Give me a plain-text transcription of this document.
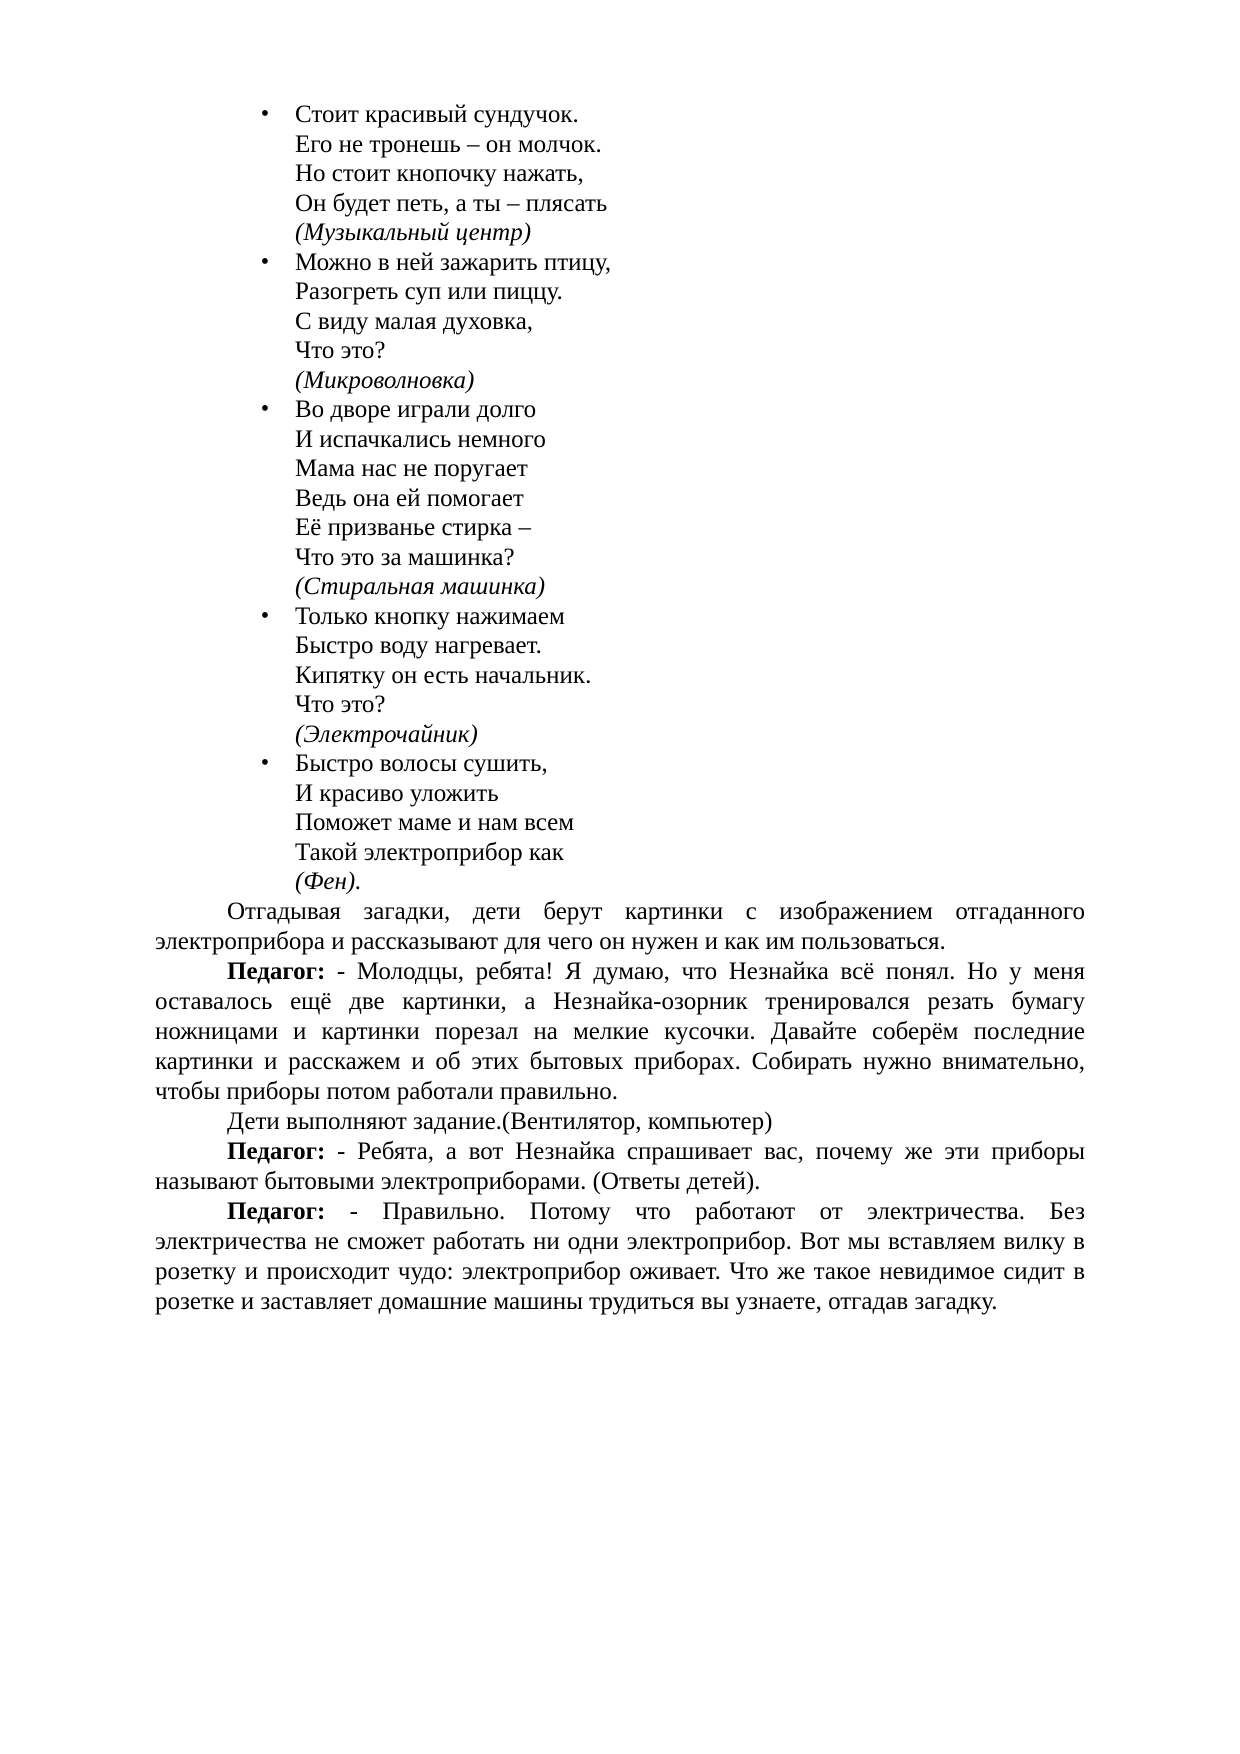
• Стоит красивый сундучок.
Его не тронешь – он молчок.
Но стоит кнопочку нажать,
Он будет петь, а ты – плясать
(Музыкальный центр)
• Можно в ней зажарить птицу,
Разогреть суп или пиццу.
С виду малая духовка,
Что это?
(Микроволновка)
• Во дворе играли долго
И испачкались немного
Мама нас не поругает
Ведь она ей помогает
Её призванье стирка –
Что это за машинка?
(Стиральная машинка)
• Только кнопку нажимаем
Быстро воду нагревает.
Кипятку он есть начальник.
Что это?
(Электрочайник)
• Быстро волосы сушить,
И красиво уложить
Поможет маме и нам всем
Такой электроприбор как
(Фен).

Отгадывая загадки, дети берут картинки с изображением отгаданного электроприбора и рассказывают для чего он нужен и как им пользоваться.

Педагог: - Молодцы, ребята! Я думаю, что Незнайка всё понял. Но у меня оставалось ещё две картинки, а Незнайка-озорник тренировался резать бумагу ножницами и картинки порезал на мелкие кусочки. Давайте соберём последние картинки и расскажем и об этих бытовых приборах. Собирать нужно внимательно, чтобы приборы потом работали правильно.

Дети выполняют задание.(Вентилятор, компьютер)

Педагог: - Ребята, а вот Незнайка спрашивает вас, почему же эти приборы называют бытовыми электроприборами. (Ответы детей).

Педагог: - Правильно. Потому что работают от электричества. Без электричества не сможет работать ни одни электроприбор. Вот мы вставляем вилку в розетку и происходит чудо: электроприбор оживает. Что же такое невидимое сидит в розетке и заставляет домашние машины трудиться вы узнаете, отгадав загадку.
